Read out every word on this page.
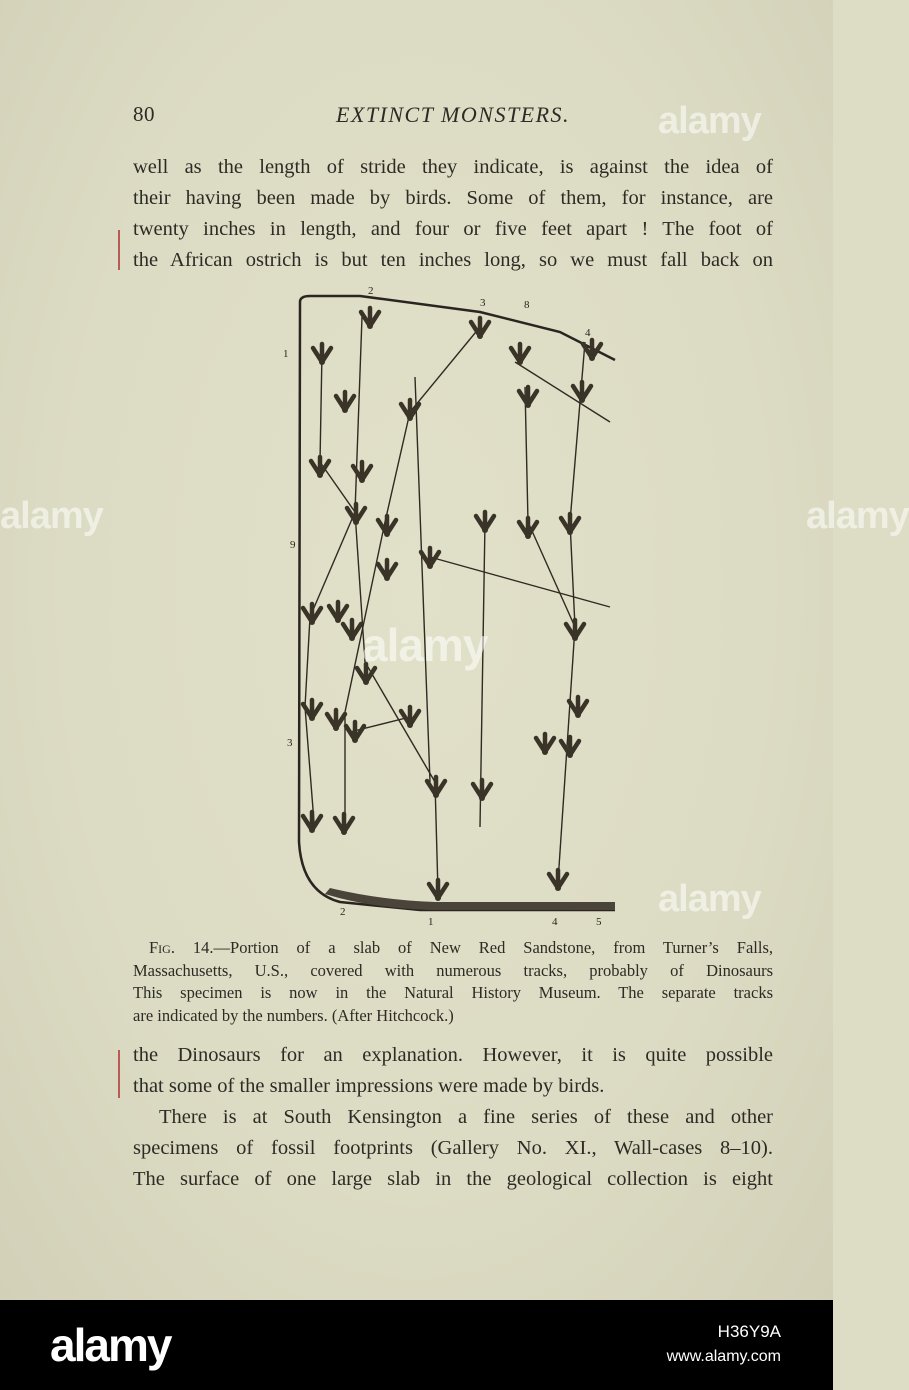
80	EXTINCT MONSTERS.
well as the length of stride they indicate, is against the idea of
their having been made by birds. Some of them, for instance, are
twenty inches in length, and four or five feet apart ! The foot of
the African ostrich is but ten inches long, so we must fall back on
2
3	8
4
1
9
3
2
1	4	5
Fig. 14.—Portion of a slab of New Red Sandstone, from Turner’s Falls,
Massachusetts, U.S., covered with numerous tracks, probably of Dinosaurs
This specimen is now in the Natural History Museum. The separate tracks
are indicated by the numbers. (After Hitchcock.)
the Dinosaurs for an explanation. However, it is quite possible
that some of the smaller impressions were made by birds.
There is at South Kensington a fine series of these and other
specimens of fossil footprints (Gallery No. XI., Wall-cases 8–10).
The surface of one large slab in the geological collection is eight
alamy
alamy
alamy
alamy	alamy
alamy	H36Y9A
www.alamy.com
